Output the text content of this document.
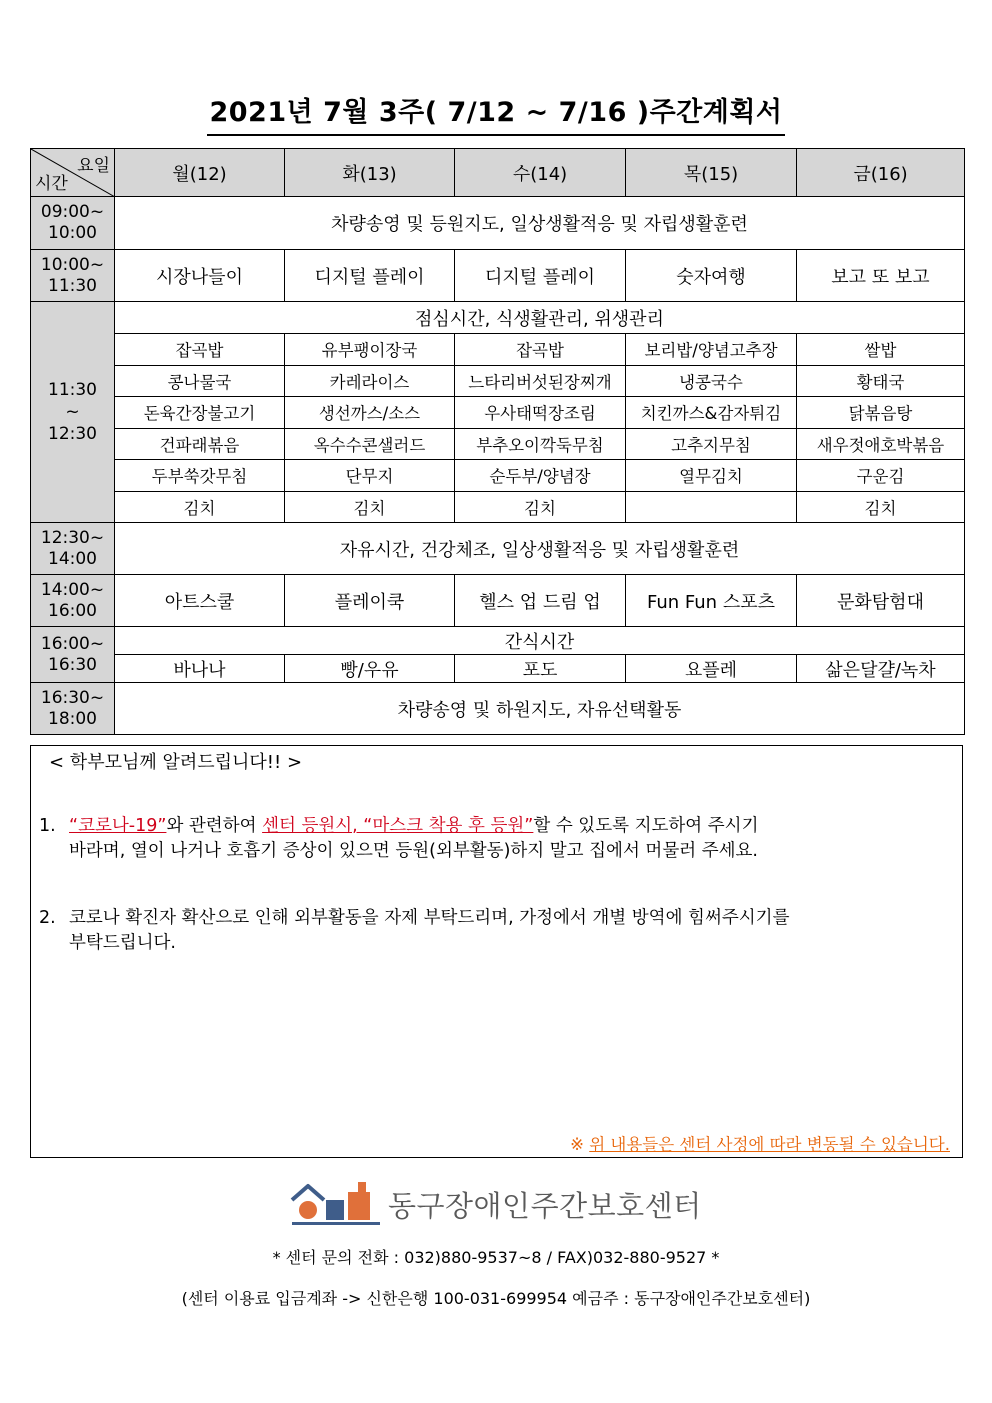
2021년 7월 3주( 7/12 ~ 7/16 )주간계획서
요일
시간	월(12)	화(13)	수(14)	목(15)	금(16)
09:00~
10:00	차량송영 및 등원지도, 일상생활적응 및 자립생활훈련				
10:00~
11:30	시장나들이	디지털 플레이	디지털 플레이	숫자여행	보고 또 보고
11:30
~
12:30	점심시간, 식생활관리, 위생관리				
	잡곡밥	유부팽이장국	잡곡밥	보리밥/양념고추장	쌀밥
	콩나물국	카레라이스	느타리버섯된장찌개	냉콩국수	황태국
	돈육간장불고기	생선까스/소스	우사태떡장조림	치킨까스&감자튀김	닭볶음탕
	건파래볶음	옥수수콘샐러드	부추오이깍둑무침	고추지무침	새우젓애호박볶음
	두부쑥갓무침	단무지	순두부/양념장	열무김치	구운김
	김치	김치	김치		김치
12:30~
14:00	자유시간, 건강체조, 일상생활적응 및 자립생활훈련				
14:00~
16:00	아트스쿨	플레이쿡	헬스 업 드림 업	Fun Fun 스포츠	문화탐험대
16:00~
16:30	간식시간				
	바나나	빵/우유	포도	요플레	삶은달걀/녹차
16:30~
18:00	차량송영 및 하원지도, 자유선택활동				
< 학부모님께 알려드립니다!! >
1. “코로나-19”와 관련하여 센터 등원시, “마스크 착용 후 등원”할 수 있도록 지도하여 주시기
바라며, 열이 나거나 호흡기 증상이 있으면 등원(외부활동)하지 말고 집에서 머물러 주세요.
2. 코로나 확진자 확산으로 인해 외부활동을 자제 부탁드리며, 가정에서 개별 방역에 힘써주시기를
부탁드립니다.
※ 위 내용들은 센터 사정에 따라 변동될 수 있습니다.
동구장애인주간보호센터
* 센터 문의 전화 : 032)880-9537~8 / FAX)032-880-9527 *
(센터 이용료 입금계좌 -> 신한은행 100-031-699954 예금주 : 동구장애인주간보호센터)
